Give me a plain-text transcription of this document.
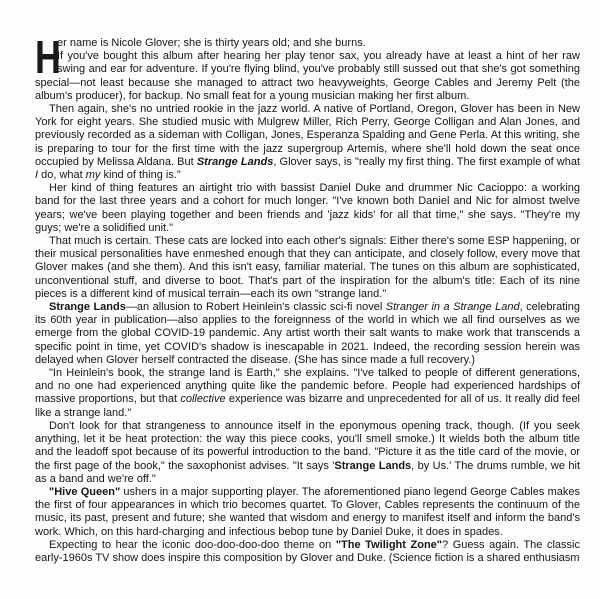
H

er name is Nicole Glover; she is thirty years old; and she burns.
If you've bought this album after hearing her play tenor sax, you already have at least a hint of her raw swing and ear for adventure. If you're flying blind, you've probably still sussed out that she's got something special—not least because she managed to attract two heavyweights, George Cables and Jeremy Pelt (the album's producer), for backup. No small feat for a young musician making her first album.

Then again, she's no untried rookie in the jazz world. A native of Portland, Oregon, Glover has been in New York for eight years. She studied music with Mulgrew Miller, Rich Perry, George Colligan and Alan Jones, and previously recorded as a sideman with Colligan, Jones, Esperanza Spalding and Gene Perla. At this writing, she is preparing to tour for the first time with the jazz supergroup Artemis, where she'll hold down the seat once occupied by Melissa Aldana. But Strange Lands, Glover says, is "really my first thing. The first example of what I do, what my kind of thing is."

Her kind of thing features an airtight trio with bassist Daniel Duke and drummer Nic Cacioppo: a working band for the last three years and a cohort for much longer. "I've known both Daniel and Nic for almost twelve years; we've been playing together and been friends and 'jazz kids' for all that time," she says. "They're my guys; we're a solidified unit."

That much is certain. These cats are locked into each other's signals: Either there's some ESP happening, or their musical personalities have enmeshed enough that they can anticipate, and closely follow, every move that Glover makes (and she them). And this isn't easy, familiar material. The tunes on this album are sophisticated, unconventional stuff, and diverse to boot. That's part of the inspiration for the album's title: Each of its nine pieces is a different kind of musical terrain—each its own "strange land."

Strange Lands—an allusion to Robert Heinlein's classic sci-fi novel Stranger in a Strange Land, celebrating its 60th year in publication—also applies to the foreignness of the world in which we all find ourselves as we emerge from the global COVID-19 pandemic. Any artist worth their salt wants to make work that transcends a specific point in time, yet COVID's shadow is inescapable in 2021. Indeed, the recording session herein was delayed when Glover herself contracted the disease. (She has since made a full recovery.)

"In Heinlein's book, the strange land is Earth," she explains. "I've talked to people of different generations, and no one had experienced anything quite like the pandemic before. People had experienced hardships of massive proportions, but that collective experience was bizarre and unprecedented for all of us. It really did feel like a strange land."

Don't look for that strangeness to announce itself in the eponymous opening track, though. (If you seek anything, let it be heat protection: the way this piece cooks, you'll smell smoke.) It wields both the album title and the leadoff spot because of its powerful introduction to the band. "Picture it as the title card of the movie, or the first page of the book," the saxophonist advises. "It says 'Strange Lands, by Us.' The drums rumble, we hit as a band and we're off."

"Hive Queen" ushers in a major supporting player. The aforementioned piano legend George Cables makes the first of four appearances in which trio becomes quartet. To Glover, Cables represents the continuum of the music, its past, present and future; she wanted that wisdom and energy to manifest itself and inform the band's work. Which, on this hard-charging and infectious bebop tune by Daniel Duke, it does in spades.

Expecting to hear the iconic doo-doo-doo-doo theme on "The Twilight Zone"? Guess again. The classic early-1960s TV show does inspire this composition by Glover and Duke. (Science fiction is a shared enthusiasm
